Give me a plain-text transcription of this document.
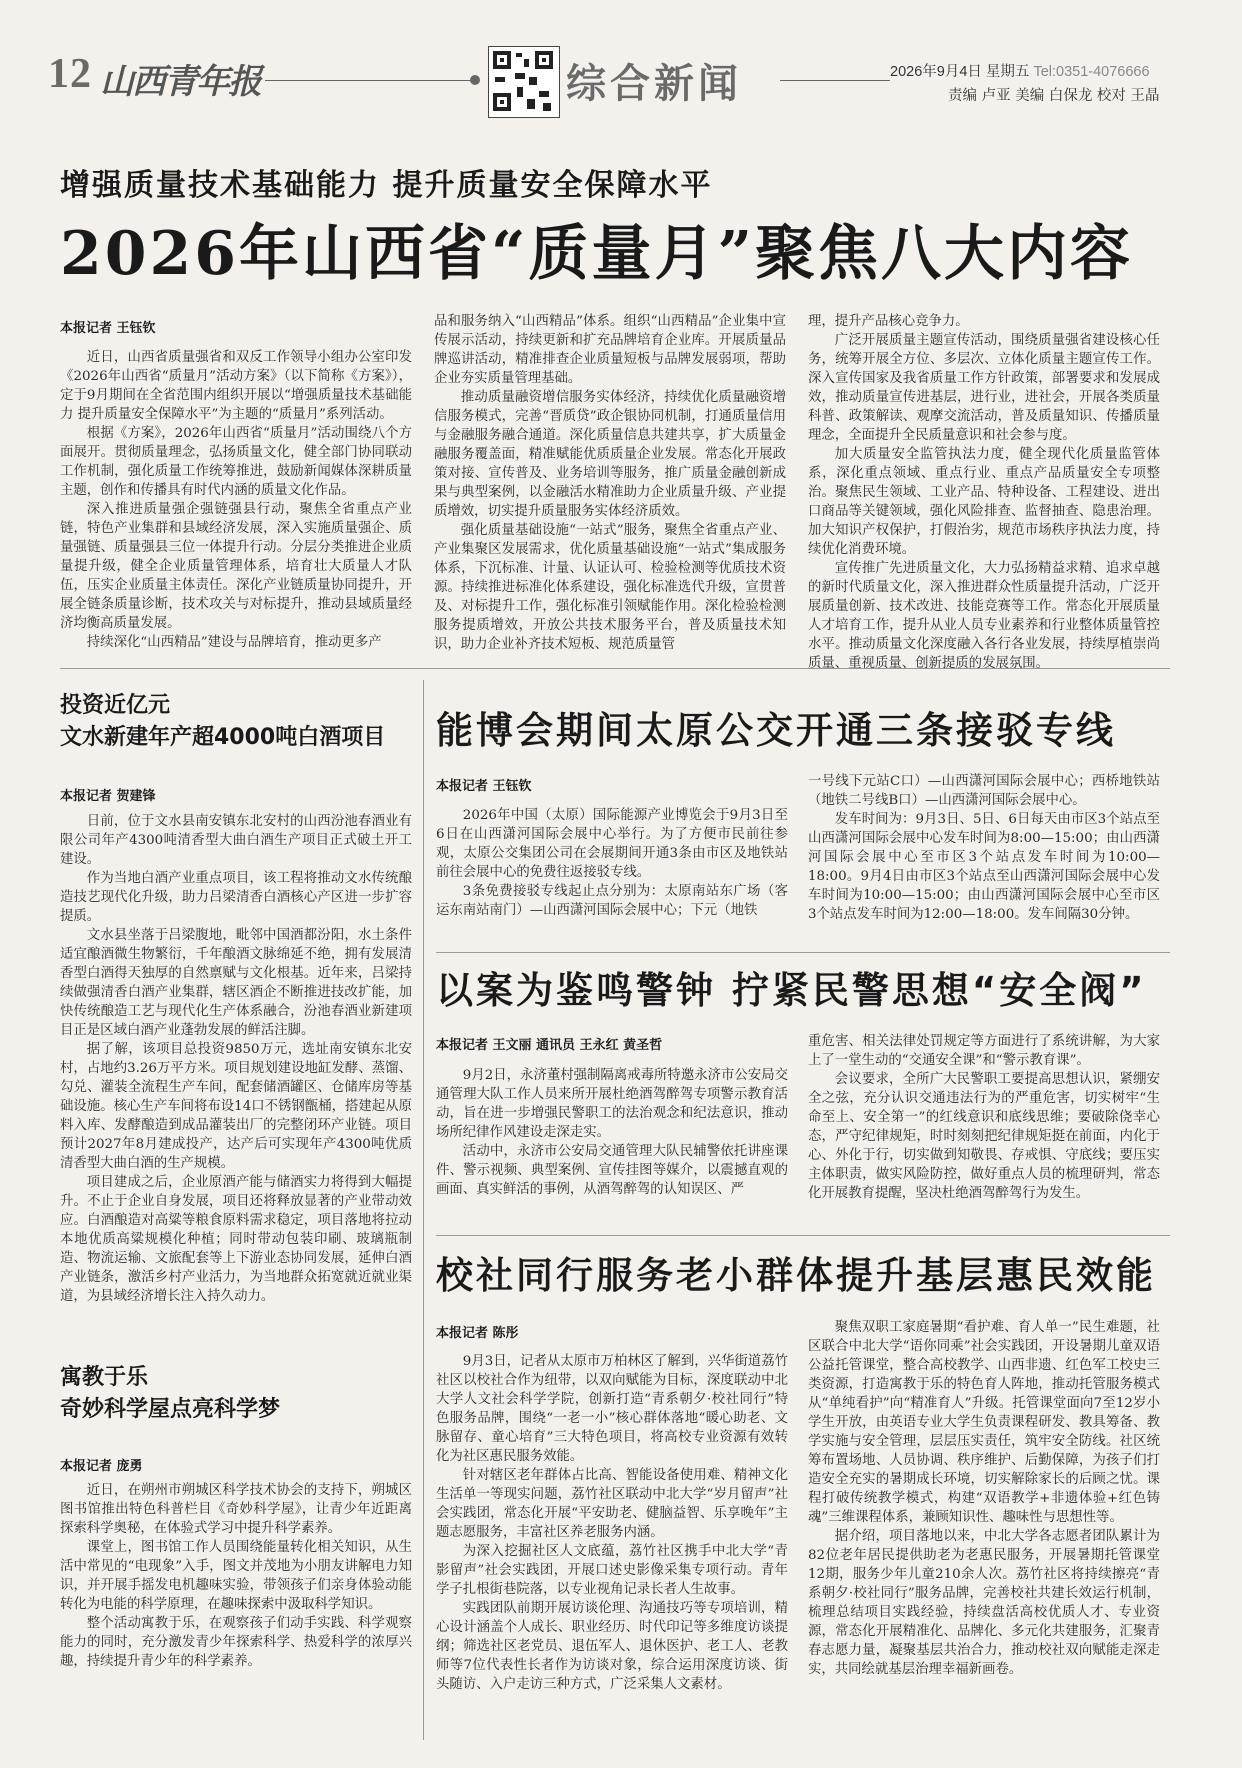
12 山西青年报	综合新闻	2026年9月4日 星期五 Tel:0351-4076666
责编 卢亚 美编 白保龙 校对 王晶
增强质量技术基础能力 提升质量安全保障水平
2026年山西省“质量月”聚焦八大内容
本报记者 王钰钦

近日，山西省质量强省和双反工作领导小组办公室印发《2026年山西省“质量月”活动方案》（以下简称《方案》），定于9月期间在全省范围内组织开展以“增强质量技术基础能力 提升质量安全保障水平”为主题的“质量月”系列活动。

根据《方案》，2026年山西省“质量月”活动围绕八个方面展开。贯彻质量理念，弘扬质量文化，健全部门协同联动工作机制，强化质量工作统筹推进，鼓励新闻媒体深耕质量主题，创作和传播具有时代内涵的质量文化作品。

深入推进质量强企强链强县行动，聚焦全省重点产业链，特色产业集群和县域经济发展，深入实施质量强企、质量强链、质量强县三位一体提升行动。分层分类推进企业质量提升级，健全企业质量管理体系，培育壮大质量人才队伍，压实企业质量主体责任。深化产业链质量协同提升，开展全链条质量诊断，技术攻关与对标提升，推动县域质量经济均衡高质量发展。

持续深化“山西精品”建设与品牌培育，推动更多产

品和服务纳入“山西精品”体系。组织“山西精品”企业集中宣传展示活动，持续更新和扩充品牌培育企业库。开展质量品牌巡讲活动，精准排查企业质量短板与品牌发展弱项，帮助企业夯实质量管理基础。

推动质量融资增信服务实体经济，持续优化质量融资增信服务模式，完善“晋质贷”政企银协同机制，打通质量信用与金融服务融合通道。深化质量信息共建共享，扩大质量金融服务覆盖面，精准赋能优质质量企业发展。常态化开展政策对接、宣传普及、业务培训等服务，推广质量金融创新成果与典型案例，以金融活水精准助力企业质量升级、产业提质增效，切实提升质量服务实体经济质效。

强化质量基础设施“一站式”服务，聚焦全省重点产业、产业集聚区发展需求，优化质量基础设施“一站式”集成服务体系，下沉标准、计量、认证认可、检验检测等优质技术资源。持续推进标准化体系建设，强化标准选代升级，宣贯普及、对标提升工作，强化标准引领赋能作用。深化检验检测服务提质增效，开放公共技术服务平台，普及质量技术知识，助力企业补齐技术短板、规范质量管

理，提升产品核心竞争力。

广泛开展质量主题宣传活动，围绕质量强省建设核心任务，统筹开展全方位、多层次、立体化质量主题宣传工作。深入宣传国家及我省质量工作方针政策，部署要求和发展成效，推动质量宣传进基层，进行业，进社会，开展各类质量科普、政策解读、观摩交流活动，普及质量知识、传播质量理念，全面提升全民质量意识和社会参与度。

加大质量安全监管执法力度，健全现代化质量监管体系，深化重点领域、重点行业、重点产品质量安全专项整治。聚焦民生领域、工业产品、特种设备、工程建设、进出口商品等关键领域，强化风险排查、监督抽查、隐患治理。加大知识产权保护，打假治劣，规范市场秩序执法力度，持续优化消费环境。

宣传推广先进质量文化，大力弘扬精益求精、追求卓越的新时代质量文化，深入推进群众性质量提升活动，广泛开展质量创新、技术改进、技能竞赛等工作。常态化开展质量人才培育工作，提升从业人员专业素养和行业整体质量管控水平。推动质量文化深度融入各行各业发展，持续厚植崇尚质量、重视质量、创新提质的发展氛围。

投资近亿元
文水新建年产超4000吨白酒项目
本报记者 贺建锋

日前，位于文水县南安镇东北安村的山西汾池春酒业有限公司年产4300吨清香型大曲白酒生产项目正式破土开工建设。

作为当地白酒产业重点项目，该工程将推动文水传统酿造技艺现代化升级，助力吕梁清香白酒核心产区进一步扩容提质。

文水县坐落于吕梁腹地，毗邻中国酒都汾阳，水土条件适宜酿酒微生物繁衍，千年酿酒文脉绵延不绝，拥有发展清香型白酒得天独厚的自然禀赋与文化根基。近年来，吕梁持续做强清香白酒产业集群，辖区酒企不断推进技改扩能，加快传统酿造工艺与现代化生产体系融合，汾池春酒业新建项目正是区域白酒产业蓬勃发展的鲜活注脚。

据了解，该项目总投资9850万元，选址南安镇东北安村，占地约3.26万平方米。项目规划建设地缸发酵、蒸馏、勾兑、灌装全流程生产车间，配套储酒罐区、仓储库房等基础设施。核心生产车间将布设14口不锈钢甑桶，搭建起从原料入库、发酵酿造到成品灌装出厂的完整闭环产业链。项目预计2027年8月建成投产，达产后可实现年产4300吨优质清香型大曲白酒的生产规模。

项目建成之后，企业原酒产能与储酒实力将得到大幅提升。不止于企业自身发展，项目还将释放显著的产业带动效应。白酒酿造对高粱等粮食原料需求稳定，项目落地将拉动本地优质高粱规模化种植；同时带动包装印刷、玻璃瓶制造、物流运输、文旅配套等上下游业态协同发展，延伸白酒产业链条，激活乡村产业活力，为当地群众拓宽就近就业渠道，为县域经济增长注入持久动力。

寓教于乐
奇妙科学屋点亮科学梦
本报记者 庞勇

近日，在朔州市朔城区科学技术协会的支持下，朔城区图书馆推出特色科普栏目《奇妙科学屋》，让青少年近距离探索科学奥秘，在体验式学习中提升科学素养。

课堂上，图书馆工作人员围绕能量转化相关知识，从生活中常见的“电现象”入手，图文并茂地为小朋友讲解电力知识，并开展手摇发电机趣味实验，带领孩子们亲身体验动能转化为电能的科学原理，在趣味探索中汲取科学知识。

整个活动寓教于乐，在观察孩子们动手实践、科学观察能力的同时，充分激发青少年探索科学、热爱科学的浓厚兴趣，持续提升青少年的科学素养。

能博会期间太原公交开通三条接驳专线
本报记者 王钰钦

2026年中国（太原）国际能源产业博览会于9月3日至6日在山西潇河国际会展中心举行。为了方便市民前往参观，太原公交集团公司在会展期间开通3条由市区及地铁站前往会展中心的免费往返接驳专线。

3条免费接驳专线起止点分别为：太原南站东广场（客运东南站南门）—山西潇河国际会展中心；下元（地铁

一号线下元站C口）—山西潇河国际会展中心；西桥地铁站（地铁二号线B口）—山西潇河国际会展中心。

发车时间为：9月3日、5日、6日每天由市区3个站点至山西潇河国际会展中心发车时间为8:00—15:00；由山西潇河国际会展中心至市区3个站点发车时间为10:00—18:00。9月4日由市区3个站点至山西潇河国际会展中心发车时间为10:00—15:00；由山西潇河国际会展中心至市区3个站点发车时间为12:00—18:00。发车间隔30分钟。

以案为鉴鸣警钟 拧紧民警思想“安全阀”
本报记者 王文丽 通讯员 王永红 黄圣哲

9月2日，永济董村强制隔离戒毒所特邀永济市公安局交通管理大队工作人员来所开展杜绝酒驾醉驾专项警示教育活动，旨在进一步增强民警职工的法治观念和纪法意识，推动场所纪律作风建设走深走实。

活动中，永济市公安局交通管理大队民辅警依托讲座课件、警示视频、典型案例、宣传挂图等媒介，以震撼直观的画面、真实鲜活的事例，从酒驾醉驾的认知误区、严

重危害、相关法律处罚规定等方面进行了系统讲解，为大家上了一堂生动的“交通安全课”和“警示教育课”。

会议要求，全所广大民警职工要提高思想认识，紧绷安全之弦，充分认识交通违法行为的严重危害，切实树牢“生命至上、安全第一”的红线意识和底线思维；要破除侥幸心态，严守纪律规矩，时时刻刻把纪律规矩挺在前面，内化于心、外化于行，切实做到知敬畏、存戒惧、守底线；要压实主体职责，做实风险防控，做好重点人员的梳理研判，常态化开展教育提醒，坚决杜绝酒驾醉驾行为发生。

校社同行服务老小群体提升基层惠民效能
本报记者 陈彤

9月3日，记者从太原市万柏林区了解到，兴华街道荔竹社区以校社合作为纽带，以双向赋能为目标，深度联动中北大学人文社会科学学院，创新打造“青系朝夕·校社同行”特色服务品牌，围绕“一老一小”核心群体落地“暖心助老、文脉留存、童心培育”三大特色项目，将高校专业资源有效转化为社区惠民服务效能。

针对辖区老年群体占比高、智能设备使用难、精神文化生活单一等现实问题，荔竹社区联动中北大学“岁月留声”社会实践团，常态化开展“平安助老、健脑益智、乐享晚年”主题志愿服务，丰富社区养老服务内涵。

为深入挖掘社区人文底蕴，荔竹社区携手中北大学“青影留声”社会实践团，开展口述史影像采集专项行动。青年学子扎根街巷院落，以专业视角记录长者人生故事。

实践团队前期开展访谈伦理、沟通技巧等专项培训，精心设计涵盖个人成长、职业经历、时代印记等多维度访谈提纲；筛选社区老党员、退伍军人、退休医护、老工人、老教师等7位代表性长者作为访谈对象，综合运用深度访谈、街头随访、入户走访三种方式，广泛采集人文素材。

聚焦双职工家庭暑期“看护难、育人单一”民生难题，社区联合中北大学“语你同乘”社会实践团，开设暑期儿童双语公益托管课堂，整合高校教学、山西非遗、红色军工校史三类资源，打造寓教于乐的特色育人阵地，推动托管服务模式从“单纯看护”向“精准育人”升级。托管课堂面向7至12岁小学生开放，由英语专业大学生负责课程研发、教具筹备、教学实施与安全管理，层层压实责任，筑牢安全防线。社区统筹布置场地、人员协调、秩序维护、后勤保障，为孩子们打造安全充实的暑期成长环境，切实解除家长的后顾之忧。课程打破传统教学模式，构建“双语教学+非遗体验+红色铸魂”三维课程体系，兼顾知识性、趣味性与思想性等。

据介绍，项目落地以来，中北大学各志愿者团队累计为82位老年居民提供助老为老惠民服务，开展暑期托管课堂12期，服务少年儿童210余人次。荔竹社区将持续擦亮“青系朝夕·校社同行”服务品牌，完善校社共建长效运行机制，梳理总结项目实践经验，持续盘活高校优质人才、专业资源，常态化开展精准化、品牌化、多元化共建服务，汇聚青春志愿力量，凝聚基层共治合力，推动校社双向赋能走深走实，共同绘就基层治理幸福新画卷。
